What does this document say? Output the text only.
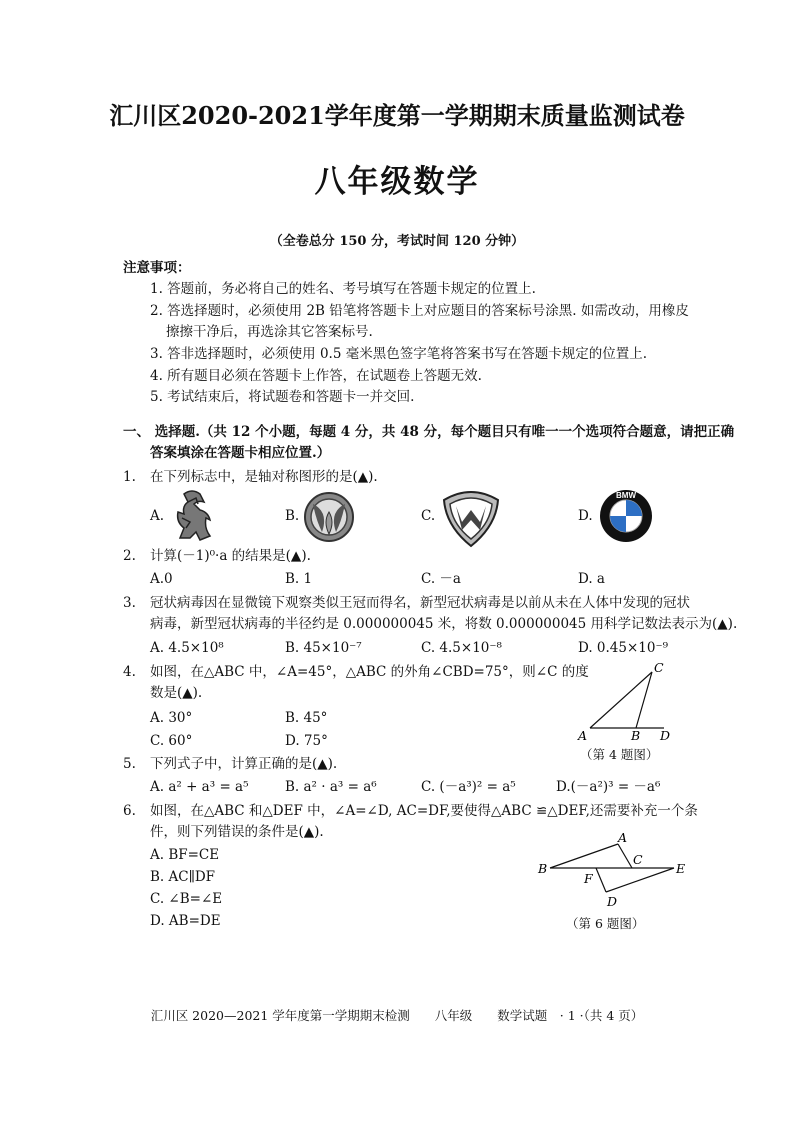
汇川区2020-2021学年度第一学期期末质量监测试卷
八年级数学
（全卷总分 150 分，考试时间 120 分钟）
注意事项：
1. 答题前，务必将自己的姓名、考号填写在答题卡规定的位置上.
2. 答选择题时，必须使用 2B 铅笔将答题卡上对应题目的答案标号涂黑. 如需改动，用橡皮
擦擦干净后，再选涂其它答案标号.
3. 答非选择题时，必须使用 0.5 毫米黑色签字笔将答案书写在答题卡规定的位置上.
4. 所有题目必须在答题卡上作答，在试题卷上答题无效.
5. 考试结束后，将试题卷和答题卡一并交回.
一、 选择题.（共 12 个小题，每题 4 分，共 48 分，每个题目只有唯一一个选项符合题意，请把正确
答案填涂在答题卡相应位置.）
1. 在下列标志中，是轴对称图形的是(▲).
A.	B.	C.	D.
BMW
2. 计算(－1)⁰·a 的结果是(▲).
A.0	B. 1	C. －a	D. a
3. 冠状病毒因在显微镜下观察类似王冠而得名，新型冠状病毒是以前从未在人体中发现的冠状
病毒，新型冠状病毒的半径约是 0.000000045 米，将数 0.000000045 用科学记数法表示为(▲).
A. 4.5×10⁸	B. 45×10⁻⁷	C. 4.5×10⁻⁸	D. 0.45×10⁻⁹
4. 如图，在△ABC 中，∠A=45°，△ABC 的外角∠CBD=75°，则∠C 的度
数是(▲).
A. 30°	B. 45°
C. 60°	D. 75°
C
A	B D
（第 4 题图）
5. 下列式子中，计算正确的是(▲).
A. a² + a³ = a⁵	B. a² · a³ = a⁶	C. (－a³)² = a⁵	D.(－a²)³ = －a⁶
6. 如图，在△ABC 和△DEF 中，∠A=∠D, AC=DF,要使得△ABC ≌△DEF,还需要补充一个条
件，则下列错误的条件是(▲).
A. BF=CE
B. AC∥DF
C. ∠B=∠E
D. AB=DE
A
B
C
E
F
D
（第 6 题图）
汇川区 2020—2021 学年度第一学期期末检测　　八年级　　数学试题　· 1 ·（共 4 页）
